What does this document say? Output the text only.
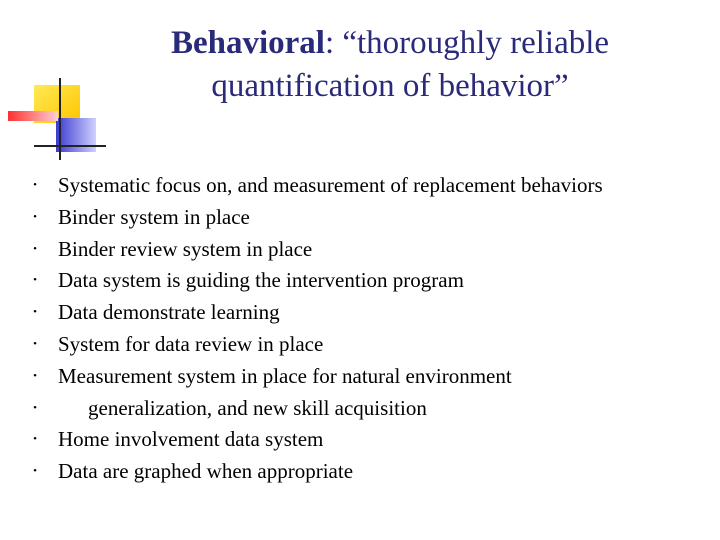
Behavioral: “thoroughly reliable
quantification of behavior”
• Systematic focus on, and measurement of replacement behaviors
• Binder system in place
• Binder review system in place
• Data system is guiding the intervention program
• Data demonstrate learning
• System for data review in place
• Measurement system in place for natural environment
• generalization, and new skill acquisition
• Home involvement data system
• Data are graphed when appropriate
